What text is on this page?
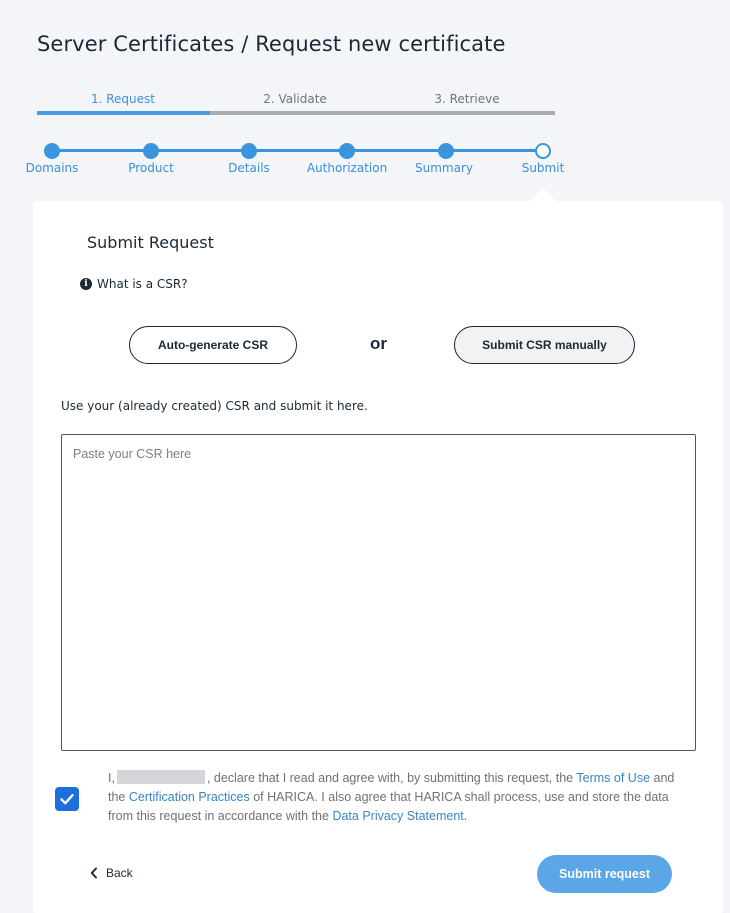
Server Certificates / Request new certificate
1. Request	2. Validate	3. Retrieve
Domains	Product	Details	Authorization	Summary	Submit
Submit Request
i What is a CSR?
Auto-generate CSR	or	Submit CSR manually
Use your (already created) CSR and submit it here.
Paste your CSR here
I,	, declare that I read and agree with, by submitting this request, the Terms of Use and the Certification Practices of HARICA. I also agree that HARICA shall process, use and store the data from this request in accordance with the Data Privacy Statement.
Back	Submit request
